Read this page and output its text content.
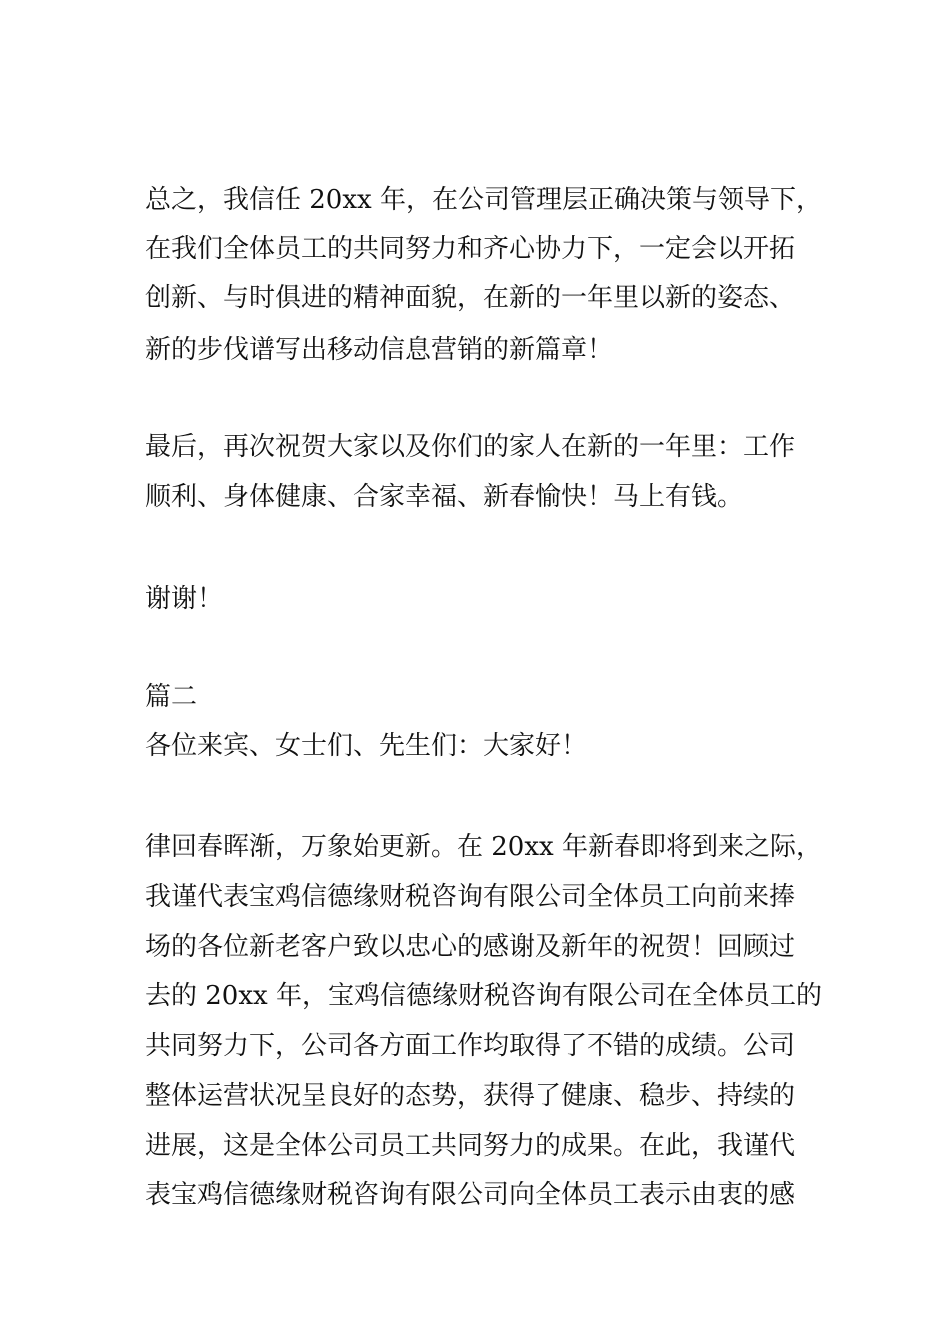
总之，我信任 20xx 年，在公司管理层正确决策与领导下，
在我们全体员工的共同努力和齐心协力下，一定会以开拓
创新、与时俱进的精神面貌，在新的一年里以新的姿态、
新的步伐谱写出移动信息营销的新篇章！
最后，再次祝贺大家以及你们的家人在新的一年里：工作
顺利、身体健康、合家幸福、新春愉快！马上有钱。
谢谢！
篇二
各位来宾、女士们、先生们：大家好！
律回春晖渐，万象始更新。在 20xx 年新春即将到来之际，
我谨代表宝鸡信德缘财税咨询有限公司全体员工向前来捧
场的各位新老客户致以忠心的感谢及新年的祝贺！回顾过
去的 20xx 年，宝鸡信德缘财税咨询有限公司在全体员工的
共同努力下，公司各方面工作均取得了不错的成绩。公司
整体运营状况呈良好的态势，获得了健康、稳步、持续的
进展，这是全体公司员工共同努力的成果。在此，我谨代
表宝鸡信德缘财税咨询有限公司向全体员工表示由衷的感
